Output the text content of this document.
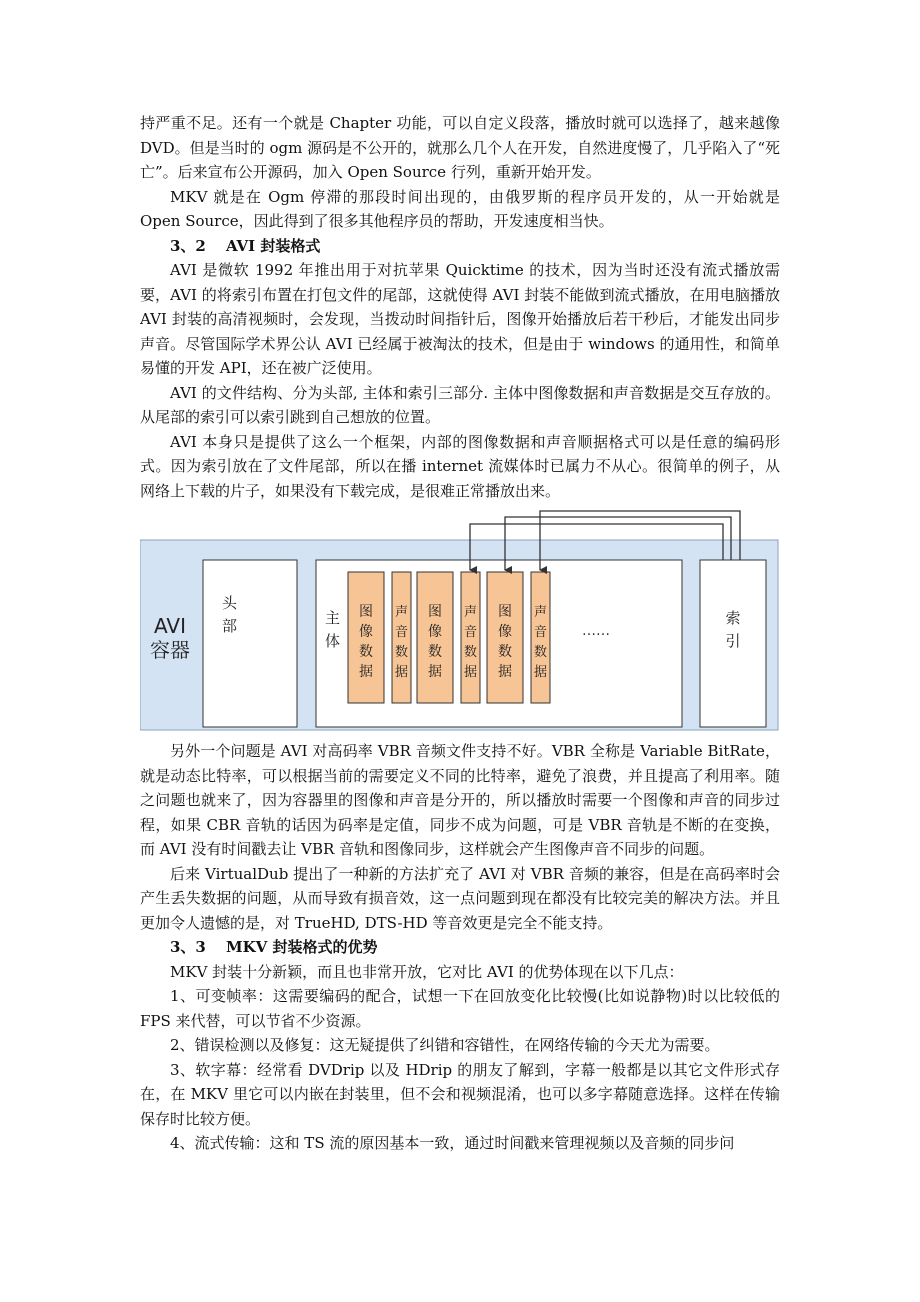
持严重不足。还有一个就是 Chapter 功能，可以自定义段落，播放时就可以选择了，越来越像 DVD。但是当时的 ogm 源码是不公开的，就那么几个人在开发，自然进度慢了，几乎陷入了“死亡”。后来宣布公开源码，加入 Open Source 行列，重新开始开发。

MKV 就是在 Ogm 停滞的那段时间出现的，由俄罗斯的程序员开发的，从一开始就是 Open Source，因此得到了很多其他程序员的帮助，开发速度相当快。

3、2 AVI 封装格式

AVI 是微软 1992 年推出用于对抗苹果 Quicktime 的技术，因为当时还没有流式播放需要，AVI 的将索引布置在打包文件的尾部，这就使得 AVI 封装不能做到流式播放，在用电脑播放 AVI 封装的高清视频时，会发现，当拨动时间指针后，图像开始播放后若干秒后，才能发出同步声音。尽管国际学术界公认 AVI 已经属于被淘汰的技术，但是由于 windows 的通用性，和简单易懂的开发 API，还在被广泛使用。

AVI 的文件结构、分为头部, 主体和索引三部分. 主体中图像数据和声音数据是交互存放的。从尾部的索引可以索引跳到自己想放的位置。

AVI 本身只是提供了这么一个框架，内部的图像数据和声音顺据格式可以是任意的编码形式。因为索引放在了文件尾部，所以在播 internet 流媒体时已属力不从心。很简单的例子，从网络上下载的片子，如果没有下载完成，是很难正常播放出来。

AVI
容器
头
部	主
体
图
像
数
据
声
音
数
据
图
像
数
据
声
音
数
据
图
像
数
据
声
音
数
据
……
索
引

另外一个问题是 AVI 对高码率 VBR 音频文件支持不好。VBR 全称是 Variable BitRate，就是动态比特率，可以根据当前的需要定义不同的比特率，避免了浪费，并且提高了利用率。随之问题也就来了，因为容器里的图像和声音是分开的，所以播放时需要一个图像和声音的同步过程，如果 CBR 音轨的话因为码率是定值，同步不成为问题，可是 VBR 音轨是不断的在变换，而 AVI 没有时间戳去让 VBR 音轨和图像同步，这样就会产生图像声音不同步的问题。

后来 VirtualDub 提出了一种新的方法扩充了 AVI 对 VBR 音频的兼容，但是在高码率时会产生丢失数据的问题，从而导致有损音效，这一点问题到现在都没有比较完美的解决方法。并且更加令人遗憾的是，对 TrueHD, DTS-HD 等音效更是完全不能支持。

3、3 MKV 封装格式的优势

MKV 封装十分新颖，而且也非常开放，它对比 AVI 的优势体现在以下几点：

1、可变帧率：这需要编码的配合，试想一下在回放变化比较慢(比如说静物)时以比较低的 FPS 来代替，可以节省不少资源。

2、错误检测以及修复：这无疑提供了纠错和容错性，在网络传输的今天尤为需要。

3、软字幕：经常看 DVDrip 以及 HDrip 的朋友了解到，字幕一般都是以其它文件形式存在，在 MKV 里它可以内嵌在封装里，但不会和视频混淆，也可以多字幕随意选择。这样在传输保存时比较方便。

4、流式传输：这和 TS 流的原因基本一致，通过时间戳来管理视频以及音频的同步问
